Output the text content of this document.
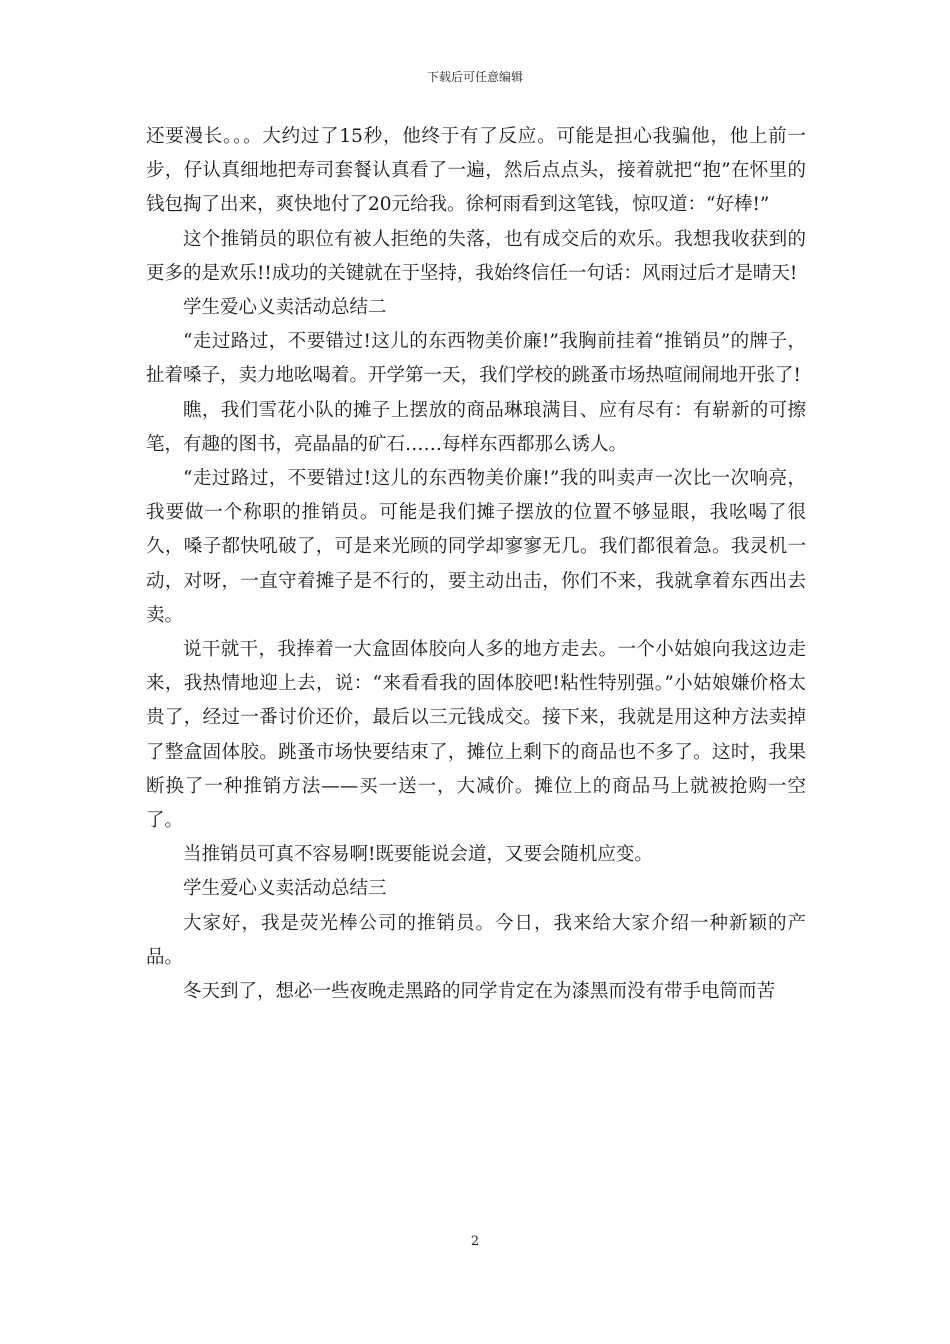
下载后可任意编辑

还要漫长。。。大约过了15秒，他终于有了反应。可能是担心我骗他，他上前一步，仔认真细地把寿司套餐认真看了一遍，然后点点头，接着就把“抱”在怀里的钱包掏了出来，爽快地付了20元给我。徐柯雨看到这笔钱，惊叹道：“好棒!”

这个推销员的职位有被人拒绝的失落，也有成交后的欢乐。我想我收获到的更多的是欢乐!!成功的关键就在于坚持，我始终信任一句话：风雨过后才是晴天!

学生爱心义卖活动总结二

“走过路过，不要错过!这儿的东西物美价廉!”我胸前挂着“推销员”的牌子，扯着嗓子，卖力地吆喝着。开学第一天，我们学校的跳蚤市场热喧闹闹地开张了!

瞧，我们雪花小队的摊子上摆放的商品琳琅满目、应有尽有：有崭新的可擦笔，有趣的图书，亮晶晶的矿石……每样东西都那么诱人。

“走过路过，不要错过!这儿的东西物美价廉!”我的叫卖声一次比一次响亮，我要做一个称职的推销员。可能是我们摊子摆放的位置不够显眼，我吆喝了很久，嗓子都快吼破了，可是来光顾的同学却寥寥无几。我们都很着急。我灵机一动，对呀，一直守着摊子是不行的，要主动出击，你们不来，我就拿着东西出去卖。

说干就干，我捧着一大盒固体胶向人多的地方走去。一个小姑娘向我这边走来，我热情地迎上去，说：“来看看我的固体胶吧!粘性特别强。”小姑娘嫌价格太贵了，经过一番讨价还价，最后以三元钱成交。接下来，我就是用这种方法卖掉了整盒固体胶。跳蚤市场快要结束了，摊位上剩下的商品也不多了。这时，我果断换了一种推销方法——买一送一，大减价。摊位上的商品马上就被抢购一空了。

当推销员可真不容易啊!既要能说会道，又要会随机应变。

学生爱心义卖活动总结三

大家好，我是荧光棒公司的推销员。今日，我来给大家介绍一种新颖的产品。

冬天到了，想必一些夜晚走黑路的同学肯定在为漆黑而没有带手电筒而苦

2
